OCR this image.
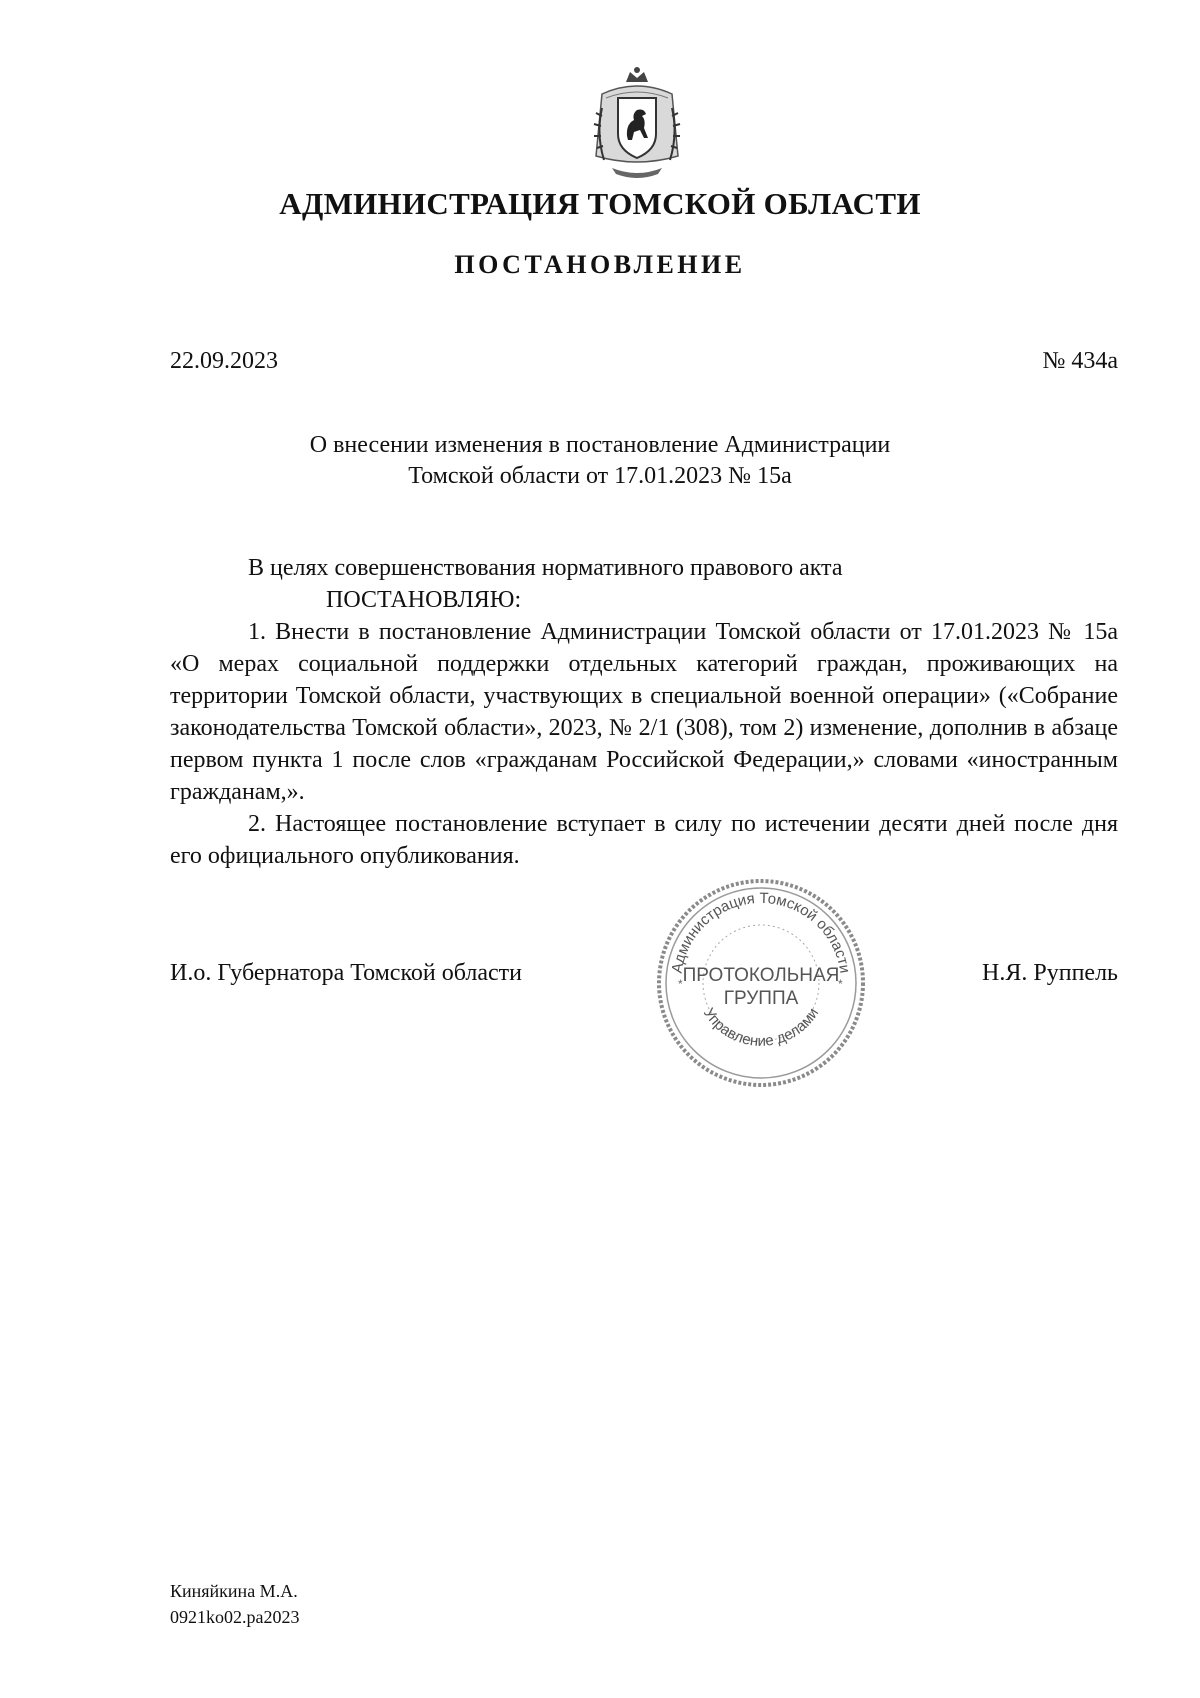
АДМИНИСТРАЦИЯ ТОМСКОЙ ОБЛАСТИ
ПОСТАНОВЛЕНИЕ
22.09.2023	№ 434а
О внесении изменения в постановление Администрации
Томской области от 17.01.2023 № 15а

В целях совершенствования нормативного правового акта

ПОСТАНОВЛЯЮ:

1. Внести в постановление Администрации Томской области от 17.01.2023 № 15а «О мерах социальной поддержки отдельных категорий граждан, проживающих на территории Томской области, участвующих в специальной военной операции» («Собрание законодательства Томской области», 2023, № 2/1 (308), том 2) изменение, дополнив в абзаце первом пункта 1 после слов «гражданам Российской Федерации,» словами «иностранным гражданам,».

2. Настоящее постановление вступает в силу по истечении десяти дней после дня его официального опубликования.

И.о. Губернатора Томской области	Н.Я. Руппель
Администрация Томской области
Управление делами
*	*
ПРОТОКОЛЬНАЯ
ГРУППА
Киняйкина М.А.
0921ko02.pa2023
